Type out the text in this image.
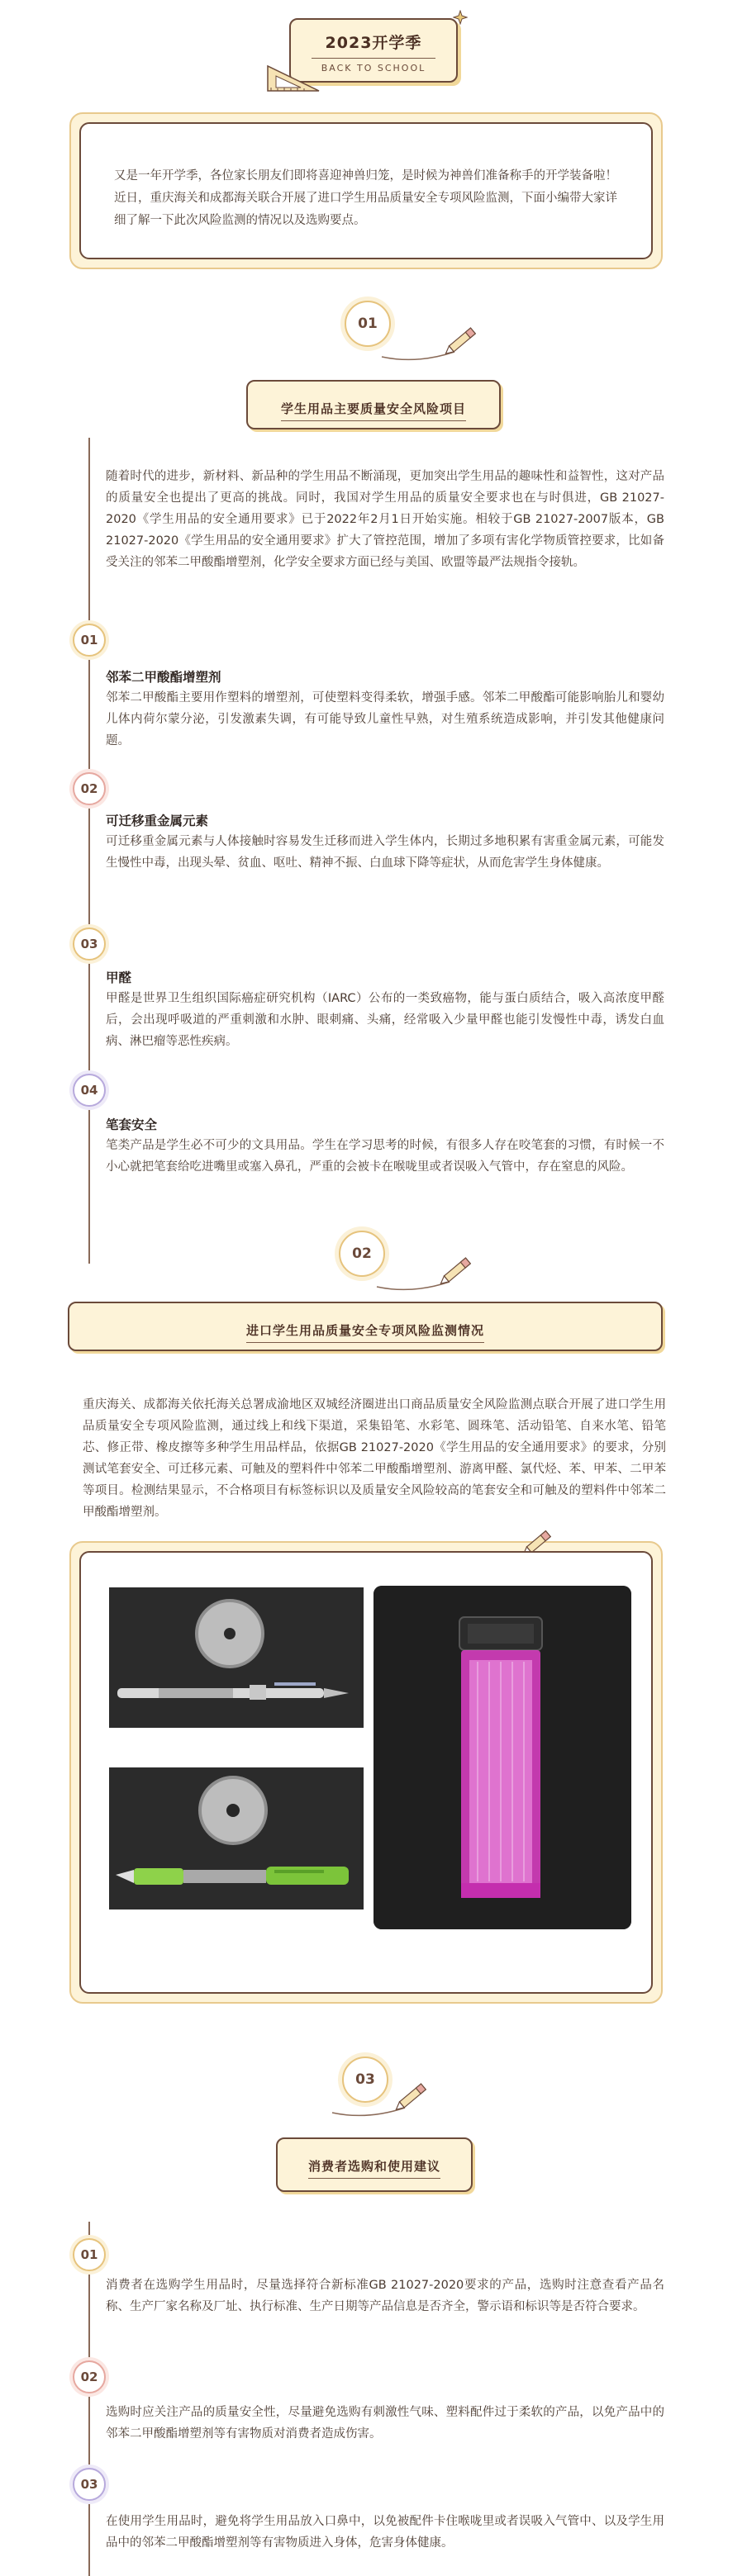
2023开学季
BACK TO SCHOOL

又是一年开学季，各位家长朋友们即将喜迎神兽归笼，是时候为神兽们准备称手的开学装备啦！近日，重庆海关和成都海关联合开展了进口学生用品质量安全专项风险监测，下面小编带大家详细了解一下此次风险监测的情况以及选购要点。

01
学生用品主要质量安全风险项目

随着时代的进步，新材料、新品种的学生用品不断涌现，更加突出学生用品的趣味性和益智性，这对产品的质量安全也提出了更高的挑战。同时，我国对学生用品的质量安全要求也在与时俱进，GB 21027-2020《学生用品的安全通用要求》已于2022年2月1日开始实施。相较于GB 21027-2007版本，GB 21027-2020《学生用品的安全通用要求》扩大了管控范围，增加了多项有害化学物质管控要求，比如备受关注的邻苯二甲酸酯增塑剂，化学安全要求方面已经与美国、欧盟等最严法规指令接轨。

01
邻苯二甲酸酯增塑剂

邻苯二甲酸酯主要用作塑料的增塑剂，可使塑料变得柔软，增强手感。邻苯二甲酸酯可能影响胎儿和婴幼儿体内荷尔蒙分泌，引发激素失调，有可能导致儿童性早熟，对生殖系统造成影响，并引发其他健康问题。

02
可迁移重金属元素

可迁移重金属元素与人体接触时容易发生迁移而进入学生体内，长期过多地积累有害重金属元素，可能发生慢性中毒，出现头晕、贫血、呕吐、精神不振、白血球下降等症状，从而危害学生身体健康。

03
甲醛

甲醛是世界卫生组织国际癌症研究机构（IARC）公布的一类致癌物，能与蛋白质结合，吸入高浓度甲醛后，会出现呼吸道的严重刺激和水肿、眼刺痛、头痛，经常吸入少量甲醛也能引发慢性中毒，诱发白血病、淋巴瘤等恶性疾病。

04
笔套安全

笔类产品是学生必不可少的文具用品。学生在学习思考的时候，有很多人存在咬笔套的习惯，有时候一不小心就把笔套给吃进嘴里或塞入鼻孔，严重的会被卡在喉咙里或者误吸入气管中，存在窒息的风险。

02
进口学生用品质量安全专项风险监测情况

重庆海关、成都海关依托海关总署成渝地区双城经济圈进出口商品质量安全风险监测点联合开展了进口学生用品质量安全专项风险监测，通过线上和线下渠道，采集铅笔、水彩笔、圆珠笔、活动铅笔、自来水笔、铅笔芯、修正带、橡皮擦等多种学生用品样品，依据GB 21027-2020《学生用品的安全通用要求》的要求，分别测试笔套安全、可迁移元素、可触及的塑料件中邻苯二甲酸酯增塑剂、游离甲醛、氯代烃、苯、甲苯、二甲苯等项目。检测结果显示，不合格项目有标签标识以及质量安全风险较高的笔套安全和可触及的塑料件中邻苯二甲酸酯增塑剂。

03
消费者选购和使用建议
01

消费者在选购学生用品时，尽量选择符合新标准GB 21027-2020要求的产品，选购时注意查看产品名称、生产厂家名称及厂址、执行标准、生产日期等产品信息是否齐全，警示语和标识等是否符合要求。

02

选购时应关注产品的质量安全性，尽量避免选购有刺激性气味、塑料配件过于柔软的产品，以免产品中的邻苯二甲酸酯增塑剂等有害物质对消费者造成伤害。

03

在使用学生用品时，避免将学生用品放入口鼻中，以免被配件卡住喉咙里或者误吸入气管中、以及学生用品中的邻苯二甲酸酯增塑剂等有害物质进入身体，危害身体健康。
